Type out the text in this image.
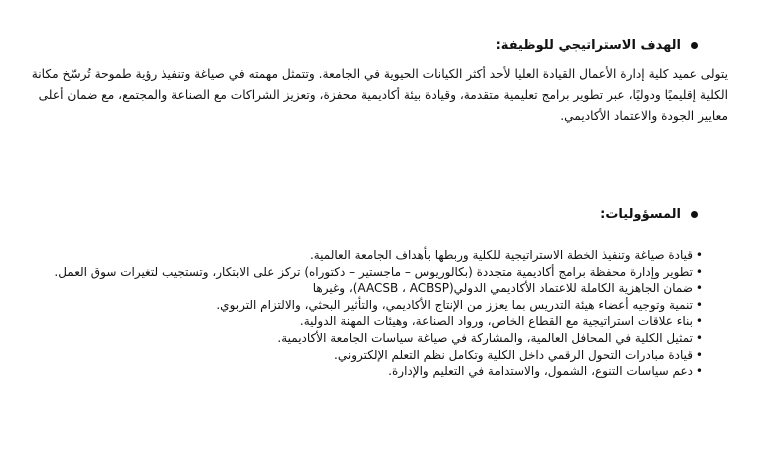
الهدف الاستراتيجي للوظيفة:

يتولى عميد كلية إدارة الأعمال القيادة العليا لأحد أكثر الكيانات الحيوية في الجامعة. وتتمثل مهمته في صياغة وتنفيذ رؤية طموحة تُرسّخ مكانة الكلية إقليميًا ودوليًا، عبر تطوير برامج تعليمية متقدمة، وقيادة بيئة أكاديمية محفزة، وتعزيز الشراكات مع الصناعة والمجتمع، مع ضمان أعلى معايير الجودة والاعتماد الأكاديمي.

المسؤوليات:
• قيادة صياغة وتنفيذ الخطة الاستراتيجية للكلية وربطها بأهداف الجامعة العالمية.
• تطوير وإدارة محفظة برامج أكاديمية متجددة (بكالوريوس – ماجستير – دكتوراه) تركز على الابتكار، وتستجيب لتغيرات سوق العمل.
• ضمان الجاهزية الكاملة للاعتماد الأكاديمي الدولي(AACSB ، ACBSP)، وغيرها
• تنمية وتوجيه أعضاء هيئة التدريس بما يعزز من الإنتاج الأكاديمي، والتأثير البحثي، والالتزام التربوي.
• بناء علاقات استراتيجية مع القطاع الخاص، ورواد الصناعة، وهيئات المهنة الدولية.
• تمثيل الكلية في المحافل العالمية، والمشاركة في صياغة سياسات الجامعة الأكاديمية.
• قيادة مبادرات التحول الرقمي داخل الكلية وتكامل نظم التعلم الإلكتروني.
• دعم سياسات التنوع، الشمول، والاستدامة في التعليم والإدارة.
